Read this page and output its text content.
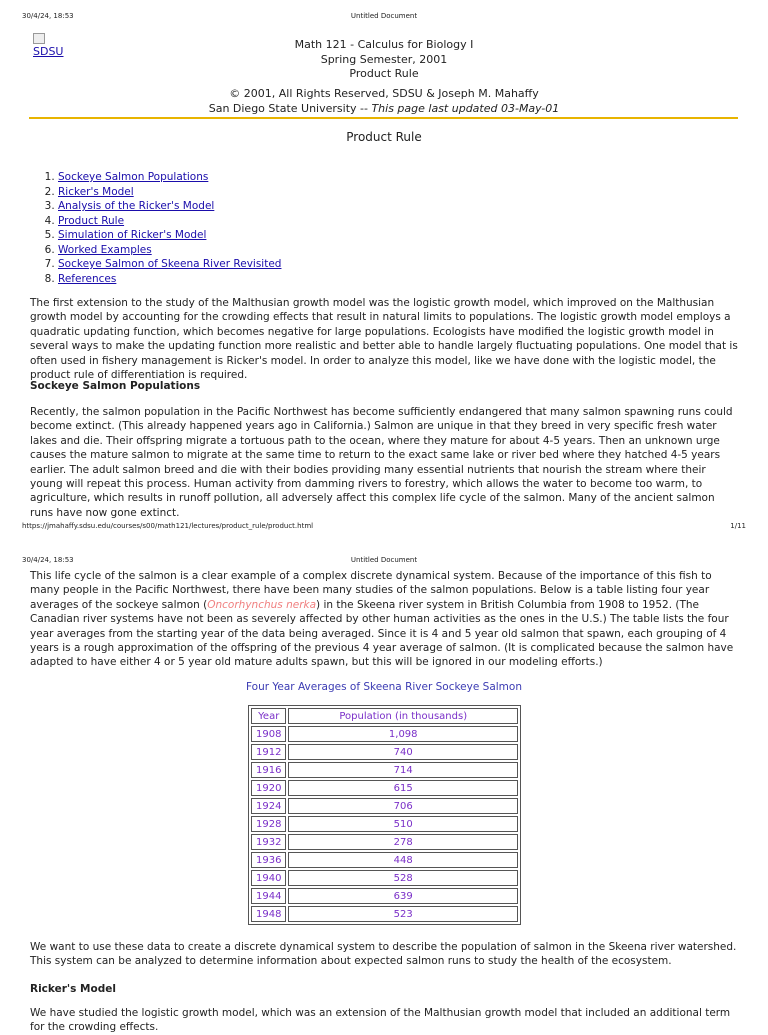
30/4/24, 18:53	Untitled Document
SDSU
Math 121 - Calculus for Biology I
Spring Semester, 2001
Product Rule
© 2001, All Rights Reserved, SDSU & Joseph M. Mahaffy
San Diego State University -- This page last updated 03-May-01
Product Rule
1. Sockeye Salmon Populations
2. Ricker's Model
3. Analysis of the Ricker's Model
4. Product Rule
5. Simulation of Ricker's Model
6. Worked Examples
7. Sockeye Salmon of Skeena River Revisited
8. References

The first extension to the study of the Malthusian growth model was the logistic growth model, which improved on the Malthusian growth model by accounting for the crowding effects that result in natural limits to populations. The logistic growth model employs a quadratic updating function, which becomes negative for large populations. Ecologists have modified the logistic growth model in several ways to make the updating function more realistic and better able to handle largely fluctuating populations. One model that is often used in fishery management is Ricker's model. In order to analyze this model, like we have done with the logistic model, the product rule of differentiation is required.

Sockeye Salmon Populations

Recently, the salmon population in the Pacific Northwest has become sufficiently endangered that many salmon spawning runs could become extinct. (This already happened years ago in California.) Salmon are unique in that they breed in very specific fresh water lakes and die. Their offspring migrate a tortuous path to the ocean, where they mature for about 4-5 years. Then an unknown urge causes the mature salmon to migrate at the same time to return to the exact same lake or river bed where they hatched 4-5 years earlier. The adult salmon breed and die with their bodies providing many essential nutrients that nourish the stream where their young will repeat this process. Human activity from damming rivers to forestry, which allows the water to become too warm, to agriculture, which results in runoff pollution, all adversely affect this complex life cycle of the salmon. Many of the ancient salmon runs have now gone extinct.

https://jmahaffy.sdsu.edu/courses/s00/math121/lectures/product_rule/product.html	1/11
30/4/24, 18:53	Untitled Document

This life cycle of the salmon is a clear example of a complex discrete dynamical system. Because of the importance of this fish to many people in the Pacific Northwest, there have been many studies of the salmon populations. Below is a table listing four year averages of the sockeye salmon (Oncorhynchus nerka) in the Skeena river system in British Columbia from 1908 to 1952. (The Canadian river systems have not been as severely affected by other human activities as the ones in the U.S.) The table lists the four year averages from the starting year of the data being averaged. Since it is 4 and 5 year old salmon that spawn, each grouping of 4 years is a rough approximation of the offspring of the previous 4 year average of salmon. (It is complicated because the salmon have adapted to have either 4 or 5 year old mature adults spawn, but this will be ignored in our modeling efforts.)

Four Year Averages of Skeena River Sockeye Salmon
Year	Population (in thousands)
1908	1,098
1912	740
1916	714
1920	615
1924	706
1928	510
1932	278
1936	448
1940	528
1944	639
1948	523

We want to use these data to create a discrete dynamical system to describe the population of salmon in the Skeena river watershed. This system can be analyzed to determine information about expected salmon runs to study the health of the ecosystem.

Ricker's Model

We have studied the logistic growth model, which was an extension of the Malthusian growth model that included an additional term for the crowding effects.
